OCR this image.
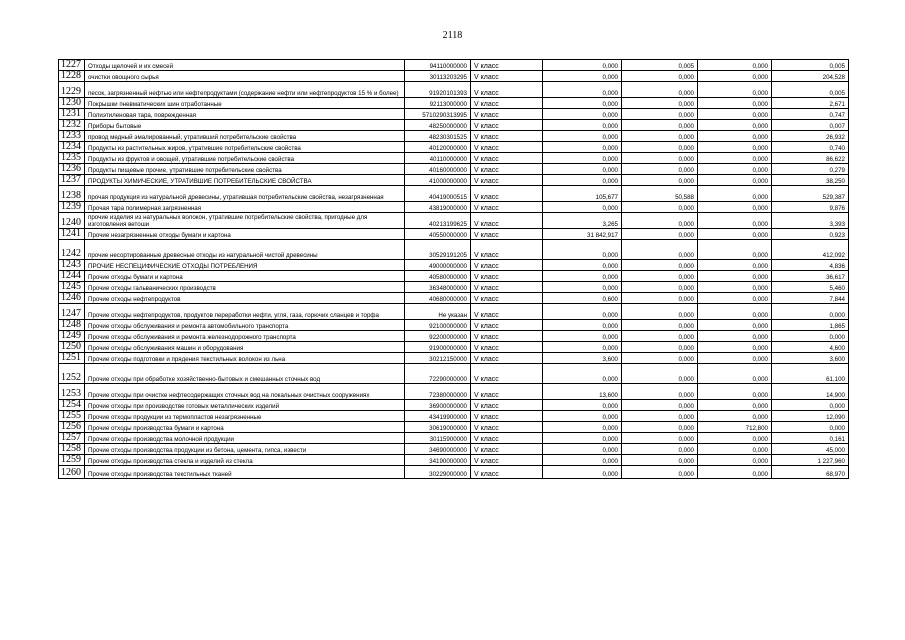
2118
1227	Отходы щелочей и их смесей	94110000000	V класс	0,000	0,005	0,000	0,005
1228	очистки овощного сырья	30113203295	V класс	0,000	0,000	0,000	204,528
1229	песок, загрязненный нефтью или нефтепродуктами (содержание нефти или нефтепродуктов 15 % и более)	91920101393	V класс	0,000	0,000	0,000	0,005
1230	Покрышки пневматических шин отработанные	92113000000	V класс	0,000	0,000	0,000	2,671
1231	Полиэтиленовая тара, поврежденная	5710290313995	V класс	0,000	0,000	0,000	0,747
1232	Приборы бытовые	48250000000	V класс	0,000	0,000	0,000	0,007
1233	провод медный эмалированный, утративший потребительские свойства	48230301525	V класс	0,000	0,000	0,000	26,932
1234	Продукты из растительных жиров, утратившие потребительские свойства	40120000000	V класс	0,000	0,000	0,000	0,740
1235	Продукты из фруктов и овощей, утратившие потребительские свойства	40110000000	V класс	0,000	0,000	0,000	86,622
1236	Продукты пищевые прочие, утратившие потребительские свойства	40160000000	V класс	0,000	0,000	0,000	0,279
1237	ПРОДУКТЫ ХИМИЧЕСКИЕ, УТРАТИВШИЕ ПОТРЕБИТЕЛЬСКИЕ СВОЙСТВА	41000000000	V класс	0,000	0,000	0,000	38,250
1238	прочая продукция из натуральной древесины, утратившая потребительские свойства, незагрязненная	40419000515	V класс	105,677	50,588	0,000	529,387
1239	Прочая тара полимерная загрязненная	43819000000	V класс	0,000	0,000	0,000	9,876
1240	прочие изделия из натуральных волокон, утратившие потребительские свойства, пригодные для изготовления ветоши	40213199625	V класс	3,265	0,000	0,000	3,393
1241	Прочие незагрязненные отходы бумаги и картона	40550000000	V класс	31 842,917	0,000	0,000	0,923
1242	прочие несортированные древесные отходы из натуральной чистой древесины	30529191205	V класс	0,000	0,000	0,000	412,092
1243	ПРОЧИЕ НЕСПЕЦИФИЧЕСКИЕ ОТХОДЫ ПОТРЕБЛЕНИЯ	49000000000	V класс	0,000	0,000	0,000	4,836
1244	Прочие отходы бумаги и картона	40580000000	V класс	0,000	0,000	0,000	36,617
1245	Прочие отходы гальванических производств	36348000000	V класс	0,000	0,000	0,000	5,460
1246	Прочие отходы нефтепродуктов	40680000000	V класс	0,600	0,000	0,000	7,844
1247	Прочие отходы нефтепродуктов, продуктов переработки нефти, угля, газа, горючих сланцев и торфа	Не указан	V класс	0,000	0,000	0,000	0,000
1248	Прочие отходы обслуживания и ремонта автомобильного транспорта	92100000000	V класс	0,000	0,000	0,000	1,865
1249	Прочие отходы обслуживания и ремонта железнодорожного транспорта	92200000000	V класс	0,000	0,000	0,000	0,000
1250	Прочие отходы обслуживания машин и оборудования	91900000000	V класс	0,000	0,000	0,000	4,600
1251	Прочие отходы подготовки и прядения текстильных волокон из льна	30212150000	V класс	3,600	0,000	0,000	3,600
1252	Прочие отходы при обработке хозяйственно-бытовых и смешанных сточных вод	72290000000	V класс	0,000	0,000	0,000	61,100
1253	Прочие отходы при очистке нефтесодержащих сточных вод на локальных очистных сооружениях	72380000000	V класс	13,600	0,000	0,000	14,900
1254	Прочие отходы при производстве готовых металлических изделий	36900000000	V класс	0,000	0,000	0,000	0,000
1255	Прочие отходы продукции из термопластов незагрязненные	43419900000	V класс	0,000	0,000	0,000	12,090
1256	Прочие отходы производства бумаги и картона	30619000000	V класс	0,000	0,000	712,800	0,000
1257	Прочие отходы производства молочной продукции	30115900000	V класс	0,000	0,000	0,000	0,161
1258	Прочие отходы производства продукции из бетона, цемента, гипса, извести	34690000000	V класс	0,000	0,000	0,000	45,000
1259	Прочие отходы производства стекла и изделий из стекла	34190000000	V класс	0,000	0,000	0,000	1 227,960
1260	Прочие отходы производства текстильных тканей	30229000000	V класс	0,000	0,000	0,000	68,970
